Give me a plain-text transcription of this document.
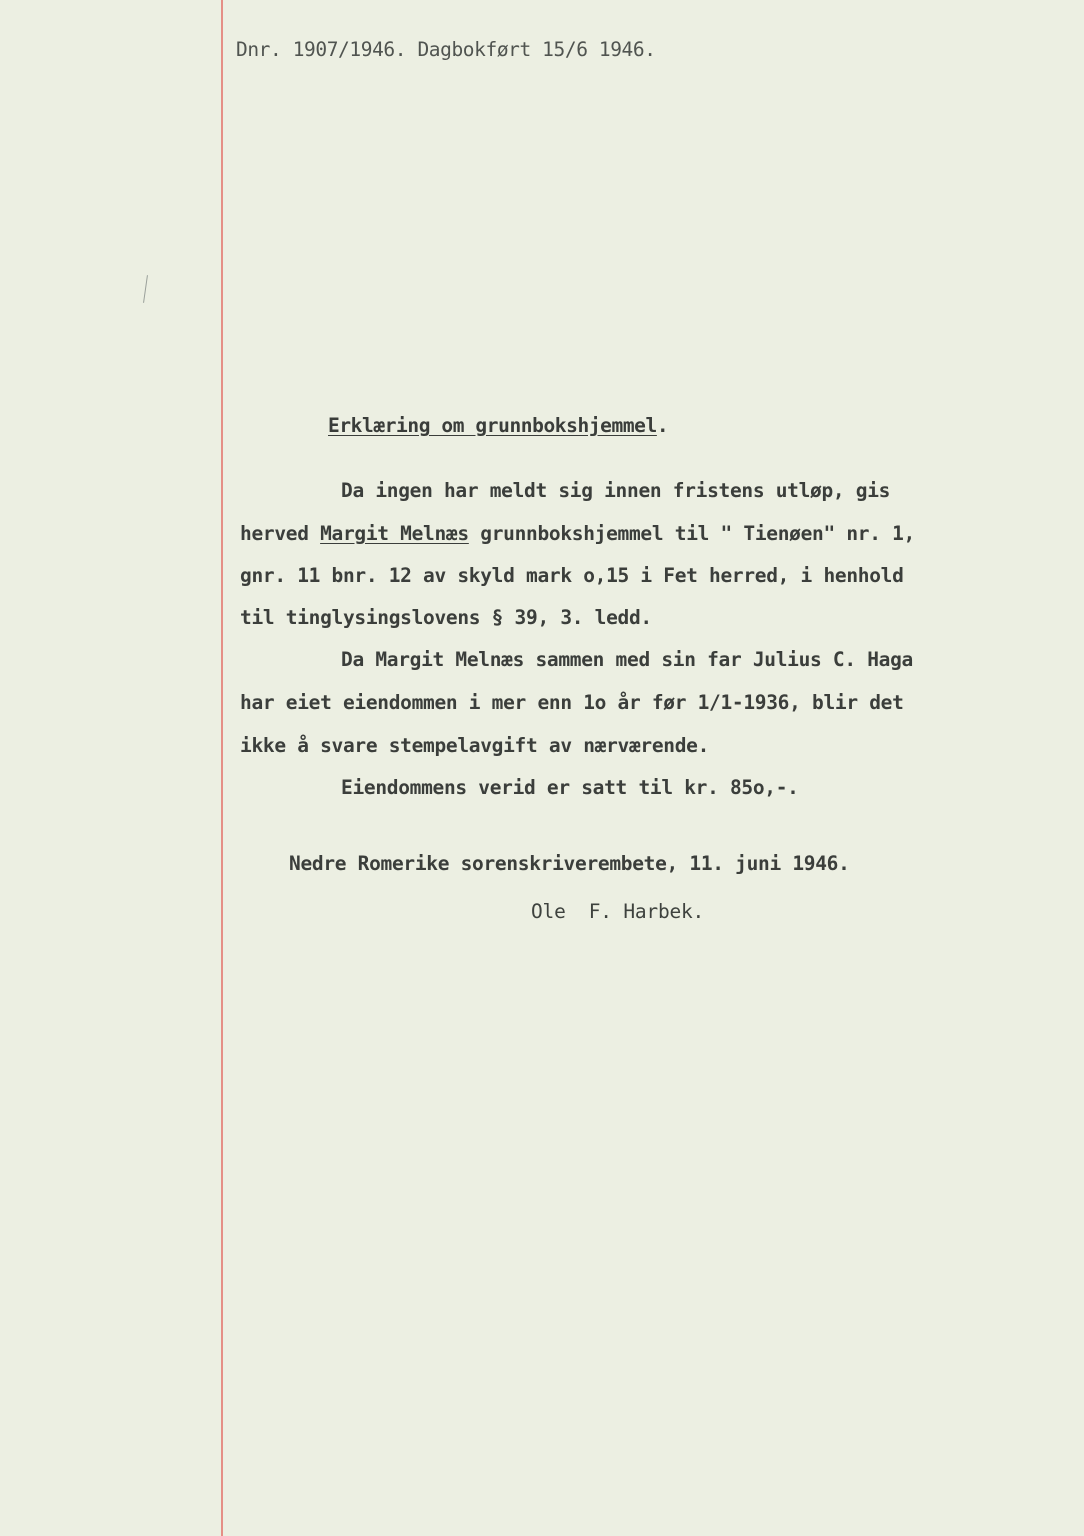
Dnr. 1907/1946. Dagbokført 15/6 1946.
Erklæring om grunnbokshjemmel.
Da ingen har meldt sig innen fristens utløp, gis
herved Margit Melnæs grunnbokshjemmel til " Tienøen" nr. 1,
gnr. 11 bnr. 12 av skyld mark o,15 i Fet herred, i henhold
til tinglysingslovens § 39, 3. ledd.
Da Margit Melnæs sammen med sin far Julius C. Haga
har eiet eiendommen i mer enn 1o år før 1/1-1936, blir det
ikke å svare stempelavgift av nærværende.
Eiendommens verid er satt til kr. 85o,-.
Nedre Romerike sorenskriverembete, 11. juni 1946.
Ole  F. Harbek.
